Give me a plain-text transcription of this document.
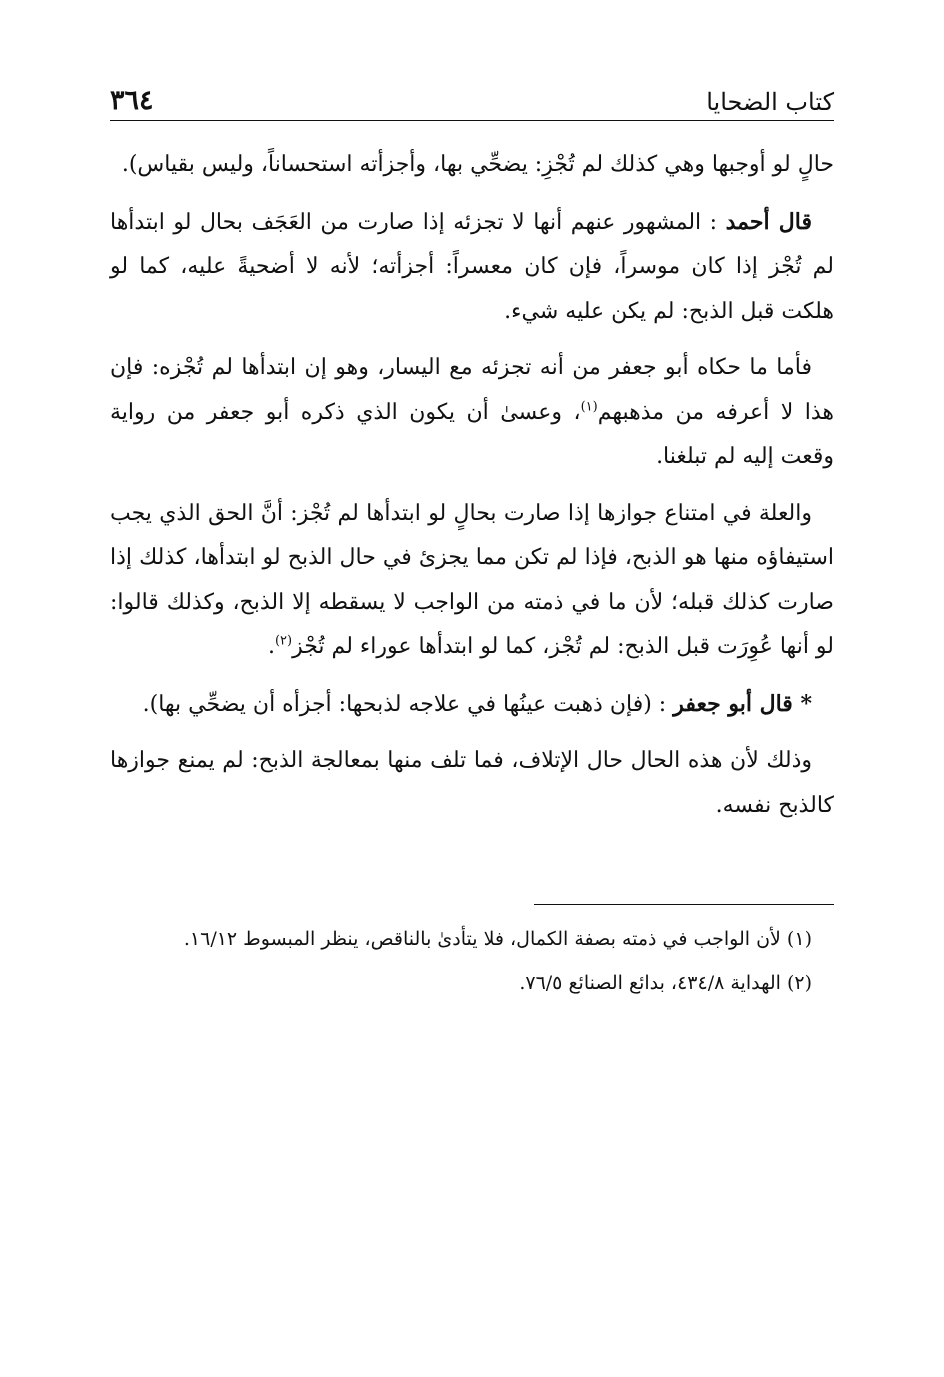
كتاب الضحايا
٣٦٤

حالٍ لو أوجبها وهي كذلك لم تُجْزِ: يضحِّي بها، وأجزأته استحساناً، وليس بقياس).

قال أحمد : المشهور عنهم أنها لا تجزئه إذا صارت من العَجَف بحال لو ابتدأها لم تُجْز إذا كان موسراً، فإن كان معسراً: أجزأته؛ لأنه لا أضحيةً عليه، كما لو هلكت قبل الذبح: لم يكن عليه شيء.

فأما ما حكاه أبو جعفر من أنه تجزئه مع اليسار، وهو إن ابتدأها لم تُجْزه: فإن هذا لا أعرفه من مذهبهم$^{(١)}$، وعسىٰ أن يكون الذي ذكره أبو جعفر من رواية وقعت إليه لم تبلغنا.

والعلة في امتناع جوازها إذا صارت بحالٍ لو ابتدأها لم تُجْز: أنَّ الحق الذي يجب استيفاؤه منها هو الذبح، فإذا لم تكن مما يجزئ في حال الذبح لو ابتدأها، كذلك إذا صارت كذلك قبله؛ لأن ما في ذمته من الواجب لا يسقطه إلا الذبح، وكذلك قالوا: لو أنها عُوِرَت قبل الذبح: لم تُجْز، كما لو ابتدأها عوراء لم تُجْز$^{(٢)}$.

* قال أبو جعفر : (فإن ذهبت عينُها في علاجه لذبحها: أجزأه أن يضحِّي بها).

وذلك لأن هذه الحال حال الإتلاف، فما تلف منها بمعالجة الذبح: لم يمنع جوازها كالذبح نفسه.

(١) لأن الواجب في ذمته بصفة الكمال، فلا يتأدىٰ بالناقص، ينظر المبسوط ١٦/١٢.

(٢) الهداية ٤٣٤/٨، بدائع الصنائع ٧٦/٥.
